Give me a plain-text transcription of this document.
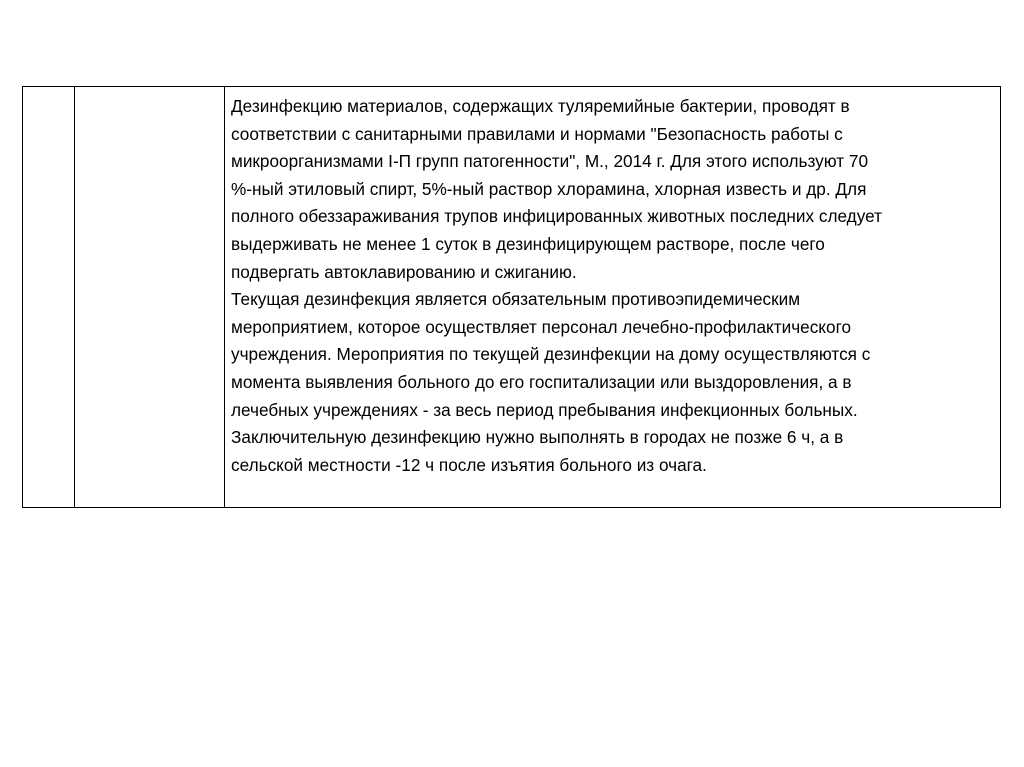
Дезинфекцию материалов, содержащих туляремийные бактерии, проводят в
соответствии с санитарными правилами и нормами "Безопасность работы с
микроорганизмами I-П групп патогенности", М., 2014 г. Для этого используют 70
%-ный этиловый спирт, 5%-ный раствор хлорамина, хлорная известь и др. Для
полного обеззараживания трупов инфицированных животных последних следует
выдерживать не менее 1 суток в дезинфицирующем растворе, после чего
подвергать автоклавированию и сжиганию.
Текущая дезинфекция является обязательным противоэпидемическим
мероприятием, которое осуществляет персонал лечебно-профилактического
учреждения. Мероприятия по текущей дезинфекции на дому осуществляются с
момента выявления больного до его госпитализации или выздоровления, а в
лечебных учреждениях - за весь период пребывания инфекционных больных.
Заключительную дезинфекцию нужно выполнять в городах не позже 6 ч, а в
сельской местности -12 ч после изъятия больного из очага.
